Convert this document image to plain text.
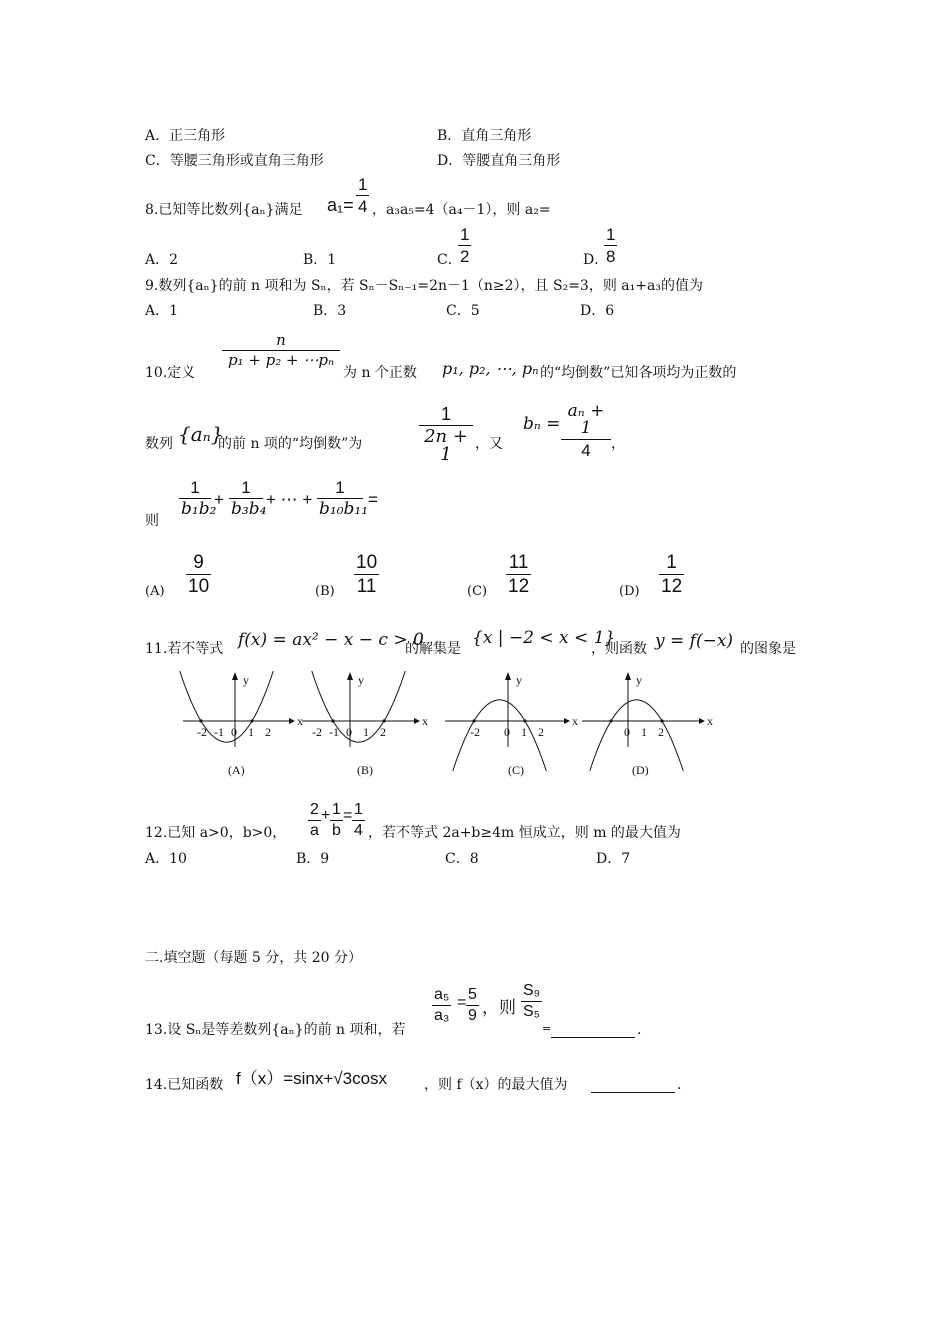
A．正三角形	B．直角三角形
C．等腰三角形或直角三角形	D．等腰直角三角形
8.已知等比数列{aₙ}满足 $a_1= \frac{1}{4}$ ，a₃a₅=4（a₄－1），则 a₂=
A．2	B．1	C．
$\frac{1}{2}$	D．
$\frac{1}{8}$
9.数列{aₙ}的前 n 项和为 Sₙ，若 Sₙ－Sₙ₋₁=2n－1（n≥2），且 S₂=3，则 a₁+a₃的值为
A．1	B．3	C．5	D．6
10.定义
$\frac{n}{\text{p₁ + p₂ + ⋯pₙ}}$
为 n 个正数 p₁, p₂, ⋯, pₙ 的“均倒数”已知各项均为正数的
数列 {aₙ}
的前 n 项的“均倒数”为	$\frac{1}{2n + 1}$ ，又
$b_n = \frac{\text{aₙ + 1}}{4}$ ，
则
$\frac{1}{\text{b₁b₂}} + \frac{1}{\text{b₃b₄}}$ + ⋯ + $\frac{1}{\text{b₁₀b₁₁}}$ =
$(A) \frac{9}{10}$	$(B) \frac{10}{11}$	$(C) \frac{11}{12}$	$(D) \frac{1}{12}$
11.若不等式 f(x) = ax² − x − c > 0
的解集是
{x | −2 < x < 1}
，则函数 y = f(−x) 的图象是
x
y
-2 -1 0 1 2
(A)
x
y
-2 -1 0 1 2
(B)
x
y
-2 0 1 2
(C)
x
y
1
0 2
(D)
12.已知 a>0，b>0， $\frac{2}{a} + \frac{1}{b} = \frac{1}{4}$ ，若不等式 2a+b≥4m 恒成立，则 m 的最大值为
A．10	B．9	C．8	D．7
二.填空题（每题 5 分，共 20 分）
13.设 Sₙ是等差数列{aₙ}的前 n 项和，若
$\frac{\text{a₅}}{\text{a₃}} = \frac{5}{9}$ ，则 $\frac{\text{S₉}}{\text{S₅}}$
=
	.
14.已知函数 f（x）=sinx+√3cosx	，则 f（x）的最大值为
	.
